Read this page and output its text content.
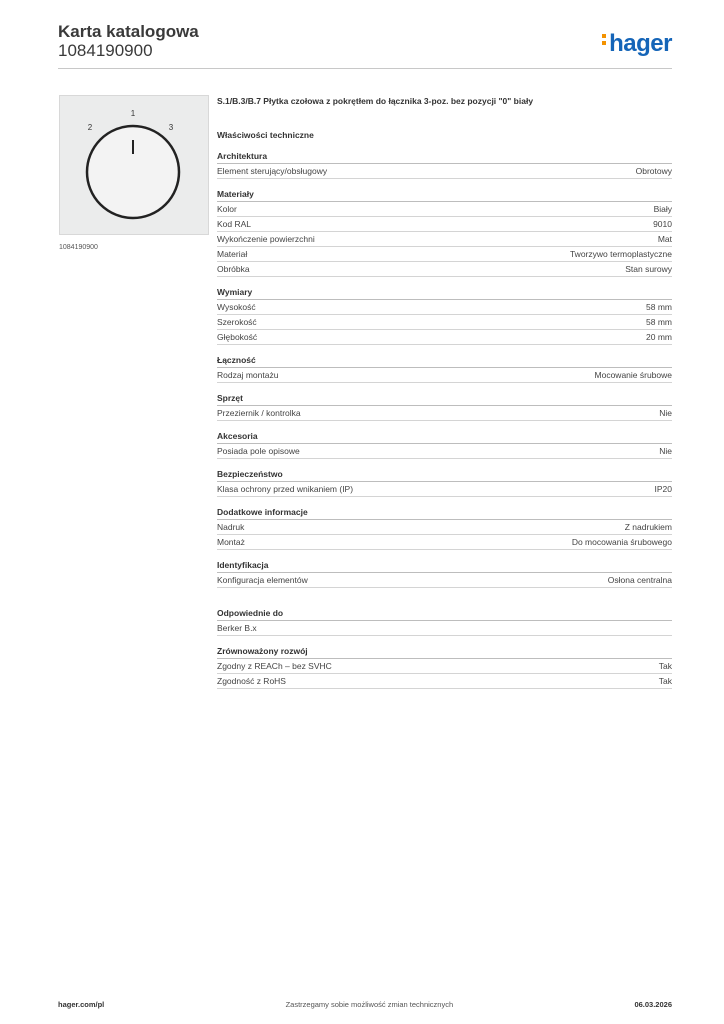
Karta katalogowa
1084190900	hager
1
2	3
1084190900
S.1/B.3/B.7 Płytka czołowa z pokrętłem do łącznika 3-poz. bez pozycji "0" biały
Właściwości techniczne
Architektura
Element sterujący/obsługowy	Obrotowy
Materiały
Kolor	Biały
Kod RAL	9010
Wykończenie powierzchni	Mat
Materiał	Tworzywo termoplastyczne
Obróbka	Stan surowy
Wymiary
Wysokość	58 mm
Szerokość	58 mm
Głębokość	20 mm
Łączność
Rodzaj montażu	Mocowanie śrubowe
Sprzęt
Przeziernik / kontrolka	Nie
Akcesoria
Posiada pole opisowe	Nie
Bezpieczeństwo
Klasa ochrony przed wnikaniem (IP)	IP20
Dodatkowe informacje
Nadruk	Z nadrukiem
Montaż	Do mocowania śrubowego
Identyfikacja
Konfiguracja elementów	Osłona centralna
Odpowiednie do
Berker B.x
Zrównoważony rozwój
Zgodny z REACh – bez SVHC	Tak
Zgodność z RoHS	Tak
hager.com/pl	Zastrzegamy sobie możliwość zmian technicznych	06.03.2026
